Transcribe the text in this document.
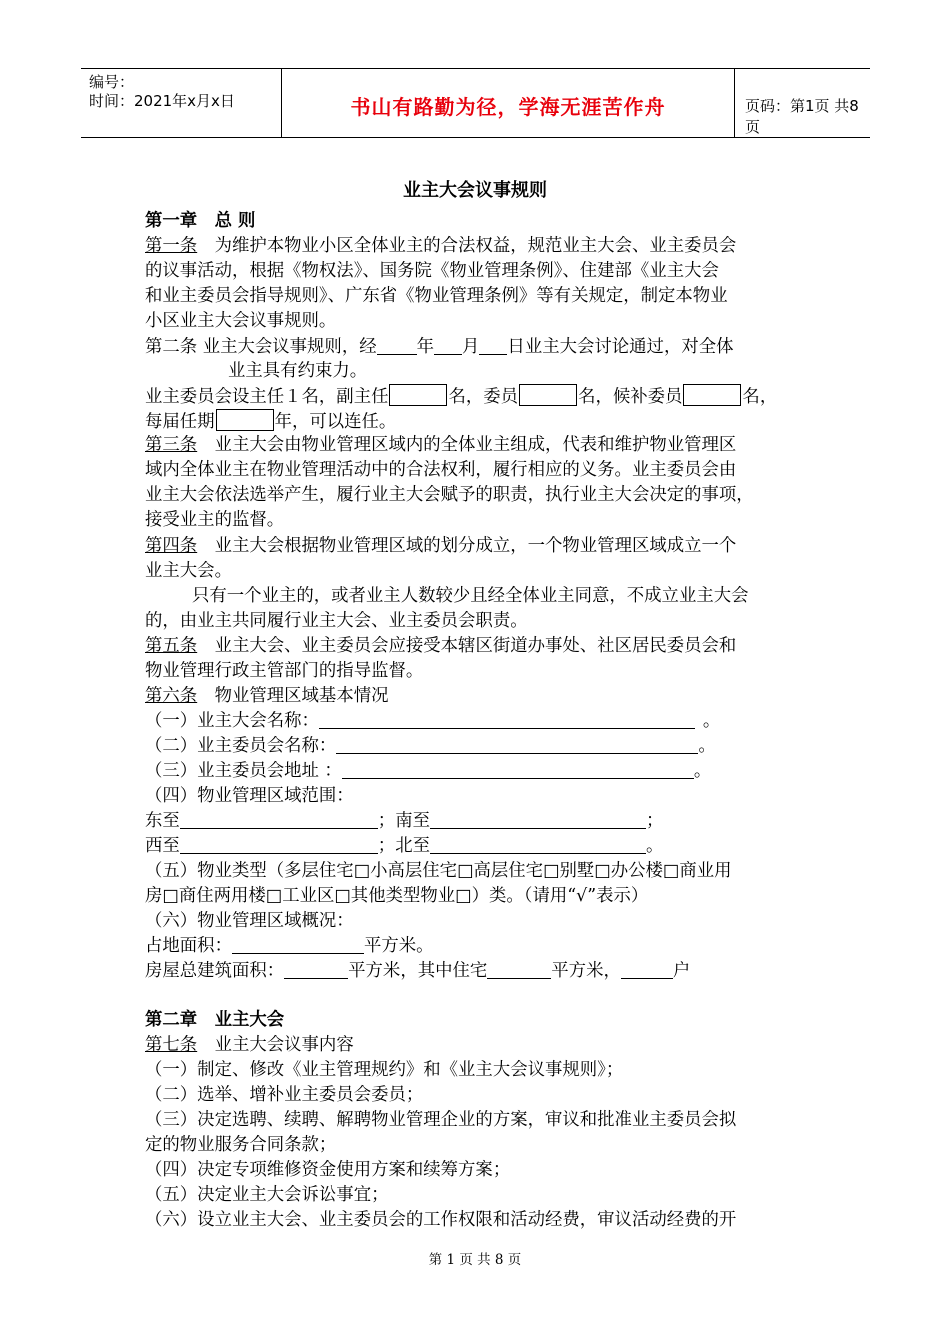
编号：
时间：2021年x月x日	书山有路勤为径，学海无涯苦作舟	页码：第1页 共8页
业主大会议事规则
第一章　总 则
第一条　为维护本物业小区全体业主的合法权益，规范业主大会、业主委员会
的议事活动，根据《物权法》、国务院《物业管理条例》、住建部《业主大会
和业主委员会指导规则》、广东省《物业管理条例》等有关规定，制定本物业
小区业主大会议事规则。
第二条 业主大会议事规则，经 年 月 日业主大会讨论通过，对全体
业主具有约束力。
业主委员会设主任１名，副主任	名，委员	名，候补委员	名，
每届任期	年，可以连任。
第三条　业主大会由物业管理区域内的全体业主组成，代表和维护物业管理区
域内全体业主在物业管理活动中的合法权利，履行相应的义务。业主委员会由
业主大会依法选举产生，履行业主大会赋予的职责，执行业主大会决定的事项，
接受业主的监督。
第四条　业主大会根据物业管理区域的划分成立，一个物业管理区域成立一个
业主大会。
只有一个业主的，或者业主人数较少且经全体业主同意，不成立业主大会
的，由业主共同履行业主大会、业主委员会职责。
第五条　业主大会、业主委员会应接受本辖区街道办事处、社区居民委员会和
物业管理行政主管部门的指导监督。
第六条　物业管理区域基本情况
（一）业主大会名称：	。
（二）业主委员会名称：	。
（三）业主委员会地址 ：	。
（四）物业管理区域范围：
东至	；南至	；
西至	；北至	。
（五）物业类型（多层住宅□小高层住宅□高层住宅□别墅□办公楼□商业用
房□商住两用楼□工业区□其他类型物业□）类。（请用“√”表示）
（六）物业管理区域概况：
占地面积：	平方米。
房屋总建筑面积：	平方米，其中住宅	平方米，	户
第二章　业主大会
第七条　业主大会议事内容
（一）制定、修改《业主管理规约》和《业主大会议事规则》；
（二）选举、增补业主委员会委员；
（三）决定选聘、续聘、解聘物业管理企业的方案，审议和批准业主委员会拟
定的物业服务合同条款；
（四）决定专项维修资金使用方案和续筹方案；
（五）决定业主大会诉讼事宜；
（六）设立业主大会、业主委员会的工作权限和活动经费，审议活动经费的开
第 1 页 共 8 页
